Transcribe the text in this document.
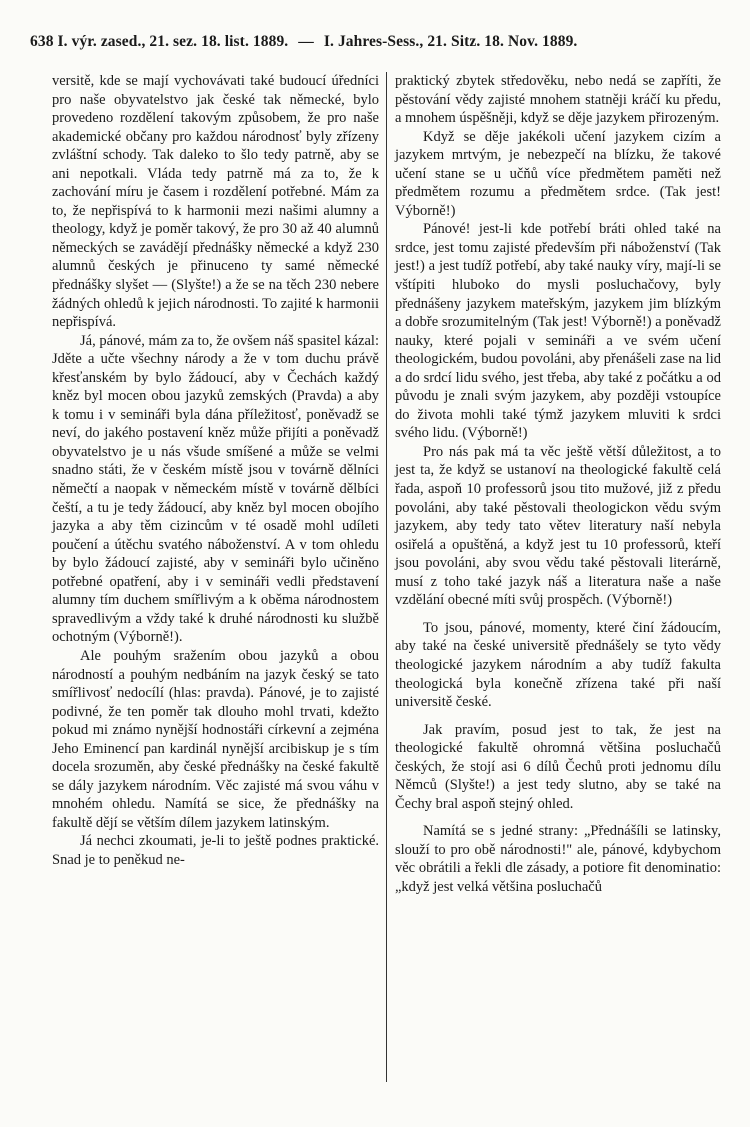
638 I. výr. zased., 21. sez. 18. list. 1889. — I. Jahres-Sess., 21. Sitz. 18. Nov. 1889.

versitě, kde se mají vychovávati také budoucí úředníci pro naše obyvatelstvo jak české tak německé, bylo provedeno rozdělení takovým způsobem, že pro naše akademické občany pro každou národnosť byly zřízeny zvláštní schody. Tak daleko to šlo tedy patrně, aby se ani nepotkali. Vláda tedy patrně má za to, že k zachování míru je časem i rozdělení potřebné. Mám za to, že nepřispívá to k harmonii mezi našimi alumny a theology, když je poměr takový, že pro 30 až 40 alumnů německých se zavádějí přednášky německé a když 230 alumnů českých je přinuceno ty samé německé přednášky slyšet — (Slyšte!) a že se na těch 230 nebere žádných ohledů k jejich národnosti. To zajité k harmonii nepřispívá.

Já, pánové, mám za to, že ovšem náš spasitel kázal: Jděte a učte všechny národy a že v tom duchu právě křesťanském by bylo žádoucí, aby v Čechách každý kněz byl mocen obou jazyků zemských (Pravda) a aby k tomu i v semináři byla dána příležitosť, poněvadž se neví, do jakého postavení kněz může přijíti a poněvadž obyvatelstvo je u nás všude smíšené a může se velmi snadno státi, že v českém místě jsou v továrně dělníci němečtí a naopak v německém místě v továrně dělbíci čeští, a tu je tedy žádoucí, aby kněz byl mocen obojího jazyka a aby těm cizincům v té osadě mohl udíleti poučení a útěchu svatého náboženství. A v tom ohledu by bylo žádoucí zajisté, aby v semináři bylo učiněno potřebné opatření, aby i v semináři vedli představení alumny tím duchem smířlivým a k oběma národnostem spravedlivým a vždy také k druhé národnosti ku službě ochotným (Výborně!).

Ale pouhým sražením obou jazyků a obou národností a pouhým nedbáním na jazyk český se tato smířlivosť nedocílí (hlas: pravda). Pánové, je to zajisté podivné, že ten poměr tak dlouho mohl trvati, kdežto pokud mi známo nynější hodnostáři církevní a zejména Jeho Eminencí pan kardinál nynější arcibiskup je s tím docela srozuměn, aby české přednášky na české fakultě se dály jazykem národním. Věc zajisté má svou váhu v mnohém ohledu. Namítá se sice, že přednášky na fakultě dějí se větším dílem jazykem latinským.

Já nechci zkoumati, je-li to ještě podnes praktické. Snad je to peněkud ne-

praktický zbytek středověku, nebo nedá se zapříti, že pěstování vědy zajisté mnohem statněji kráčí ku předu, a mnohem úspěšněji, když se děje jazykem přirozeným.

Když se děje jakékoli učení jazykem cizím a jazykem mrtvým, je nebezpečí na blízku, že takové učení stane se u učňů více předmětem paměti než předmětem rozumu a předmětem srdce. (Tak jest! Výborně!)

Pánové! jest-li kde potřebí bráti ohled také na srdce, jest tomu zajisté především při náboženství (Tak jest!) a jest tudíž potřebí, aby také nauky víry, mají-li se vštípiti hluboko do mysli posluchačovy, byly přednášeny jazykem mateřským, jazykem jim blízkým a dobře srozumitelným (Tak jest! Výborně!) a poněvadž nauky, které pojali v semináři a ve svém učení theologickém, budou povoláni, aby přenášeli zase na lid a do srdcí lidu svého, jest třeba, aby také z počátku a od původu je znali svým jazykem, aby později vstoupíce do života mohli také týmž jazykem mluviti k srdci svého lidu. (Výborně!)

Pro nás pak má ta věc ještě větší důležitost, a to jest ta, že když se ustanoví na theologické fakultě celá řada, aspoň 10 professorů jsou tito mužové, již z předu povoláni, aby také pěstovali theologickon vědu svým jazykem, aby tedy tato větev literatury naší nebyla osiřelá a opuštěná, a když jest tu 10 professorů, kteří jsou povoláni, aby svou vědu také pěstovali literárně, musí z toho také jazyk náš a literatura naše a naše vzdělání obecné míti svůj prospěch. (Výborně!)

To jsou, pánové, momenty, které činí žádoucím, aby také na české universitě přednášely se tyto vědy theologické jazykem národním a aby tudíž fakulta theologická byla konečně zřízena také při naší universitě české.

Jak pravím, posud jest to tak, že jest na theologické fakultě ohromná většina posluchačů českých, že stojí asi 6 dílů Čechů proti jednomu dílu Němců (Slyšte!) a jest tedy slutno, aby se také na Čechy bral aspoň stejný ohled.

Namítá se s jedné strany: „Přednášíli se latinsky, slouží to pro obě národnosti!" ale, pánové, kdybychom věc obrátili a řekli dle zásady, a potiore fit denominatio: „když jest velká většina posluchačů
